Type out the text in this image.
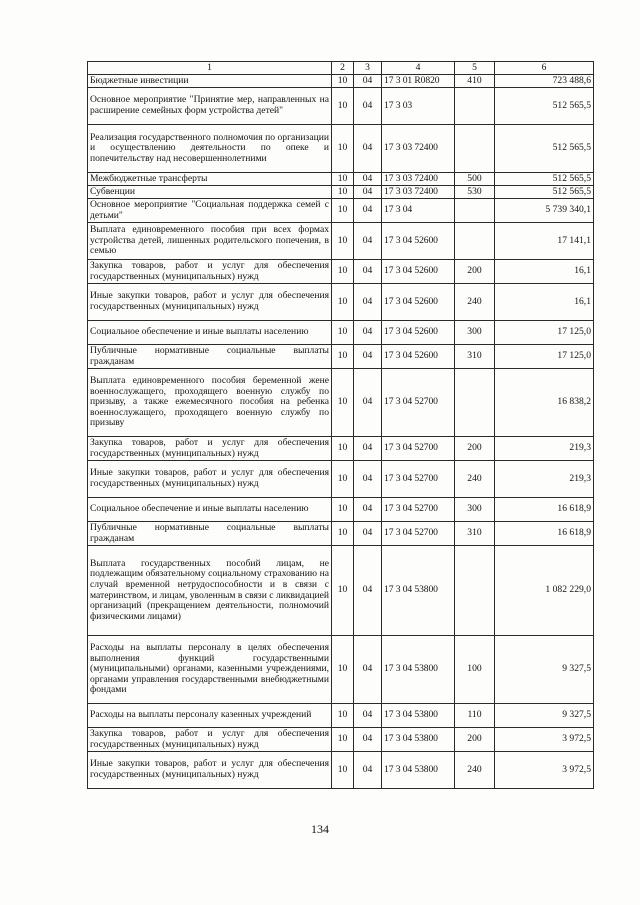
1	2	3	4	5	6
Бюджетные инвестиции	10	04	17 3 01 R0820	410	723 488,6
Основное мероприятие "Принятие мер, направленных на расширение семейных форм устройства детей"	10	04	17 3 03		512 565,5
Реализация государственного полномочия по организации и осуществлению деятельности по опеке и попечительству над несовершеннолетними	10	04	17 3 03 72400		512 565,5
Межбюджетные трансферты	10	04	17 3 03 72400	500	512 565,5
Субвенции	10	04	17 3 03 72400	530	512 565,5
Основное мероприятие "Социальная поддержка семей с детьми"	10	04	17 3 04		5 739 340,1
Выплата единовременного пособия при всех формах устройства детей, лишенных родительского попечения, в семью	10	04	17 3 04 52600		17 141,1
Закупка товаров, работ и услуг для обеспечения государственных (муниципальных) нужд	10	04	17 3 04 52600	200	16,1
Иные закупки товаров, работ и услуг для обеспечения государственных (муниципальных) нужд	10	04	17 3 04 52600	240	16,1
Социальное обеспечение и иные выплаты населению	10	04	17 3 04 52600	300	17 125,0
Публичные нормативные социальные выплаты гражданам	10	04	17 3 04 52600	310	17 125,0
Выплата единовременного пособия беременной жене военнослужащего, проходящего военную службу по призыву, а также ежемесячного пособия на ребенка военнослужащего, проходящего военную службу по призыву	10	04	17 3 04 52700		16 838,2
Закупка товаров, работ и услуг для обеспечения государственных (муниципальных) нужд	10	04	17 3 04 52700	200	219,3
Иные закупки товаров, работ и услуг для обеспечения государственных (муниципальных) нужд	10	04	17 3 04 52700	240	219,3
Социальное обеспечение и иные выплаты населению	10	04	17 3 04 52700	300	16 618,9
Публичные нормативные социальные выплаты гражданам	10	04	17 3 04 52700	310	16 618,9
Выплата государственных пособий лицам, не подлежащим обязательному социальному страхованию на случай временной нетрудоспособности и в связи с материнством, и лицам, уволенным в связи с ликвидацией организаций (прекращением деятельности, полномочий физическими лицами)	10	04	17 3 04 53800		1 082 229,0
Расходы на выплаты персоналу в целях обеспечения выполнения функций государственными (муниципальными) органами, казенными учреждениями, органами управления государственными внебюджетными фондами	10	04	17 3 04 53800	100	9 327,5
Расходы на выплаты персоналу казенных учреждений	10	04	17 3 04 53800	110	9 327,5
Закупка товаров, работ и услуг для обеспечения государственных (муниципальных) нужд	10	04	17 3 04 53800	200	3 972,5
Иные закупки товаров, работ и услуг для обеспечения государственных (муниципальных) нужд	10	04	17 3 04 53800	240	3 972,5
134
